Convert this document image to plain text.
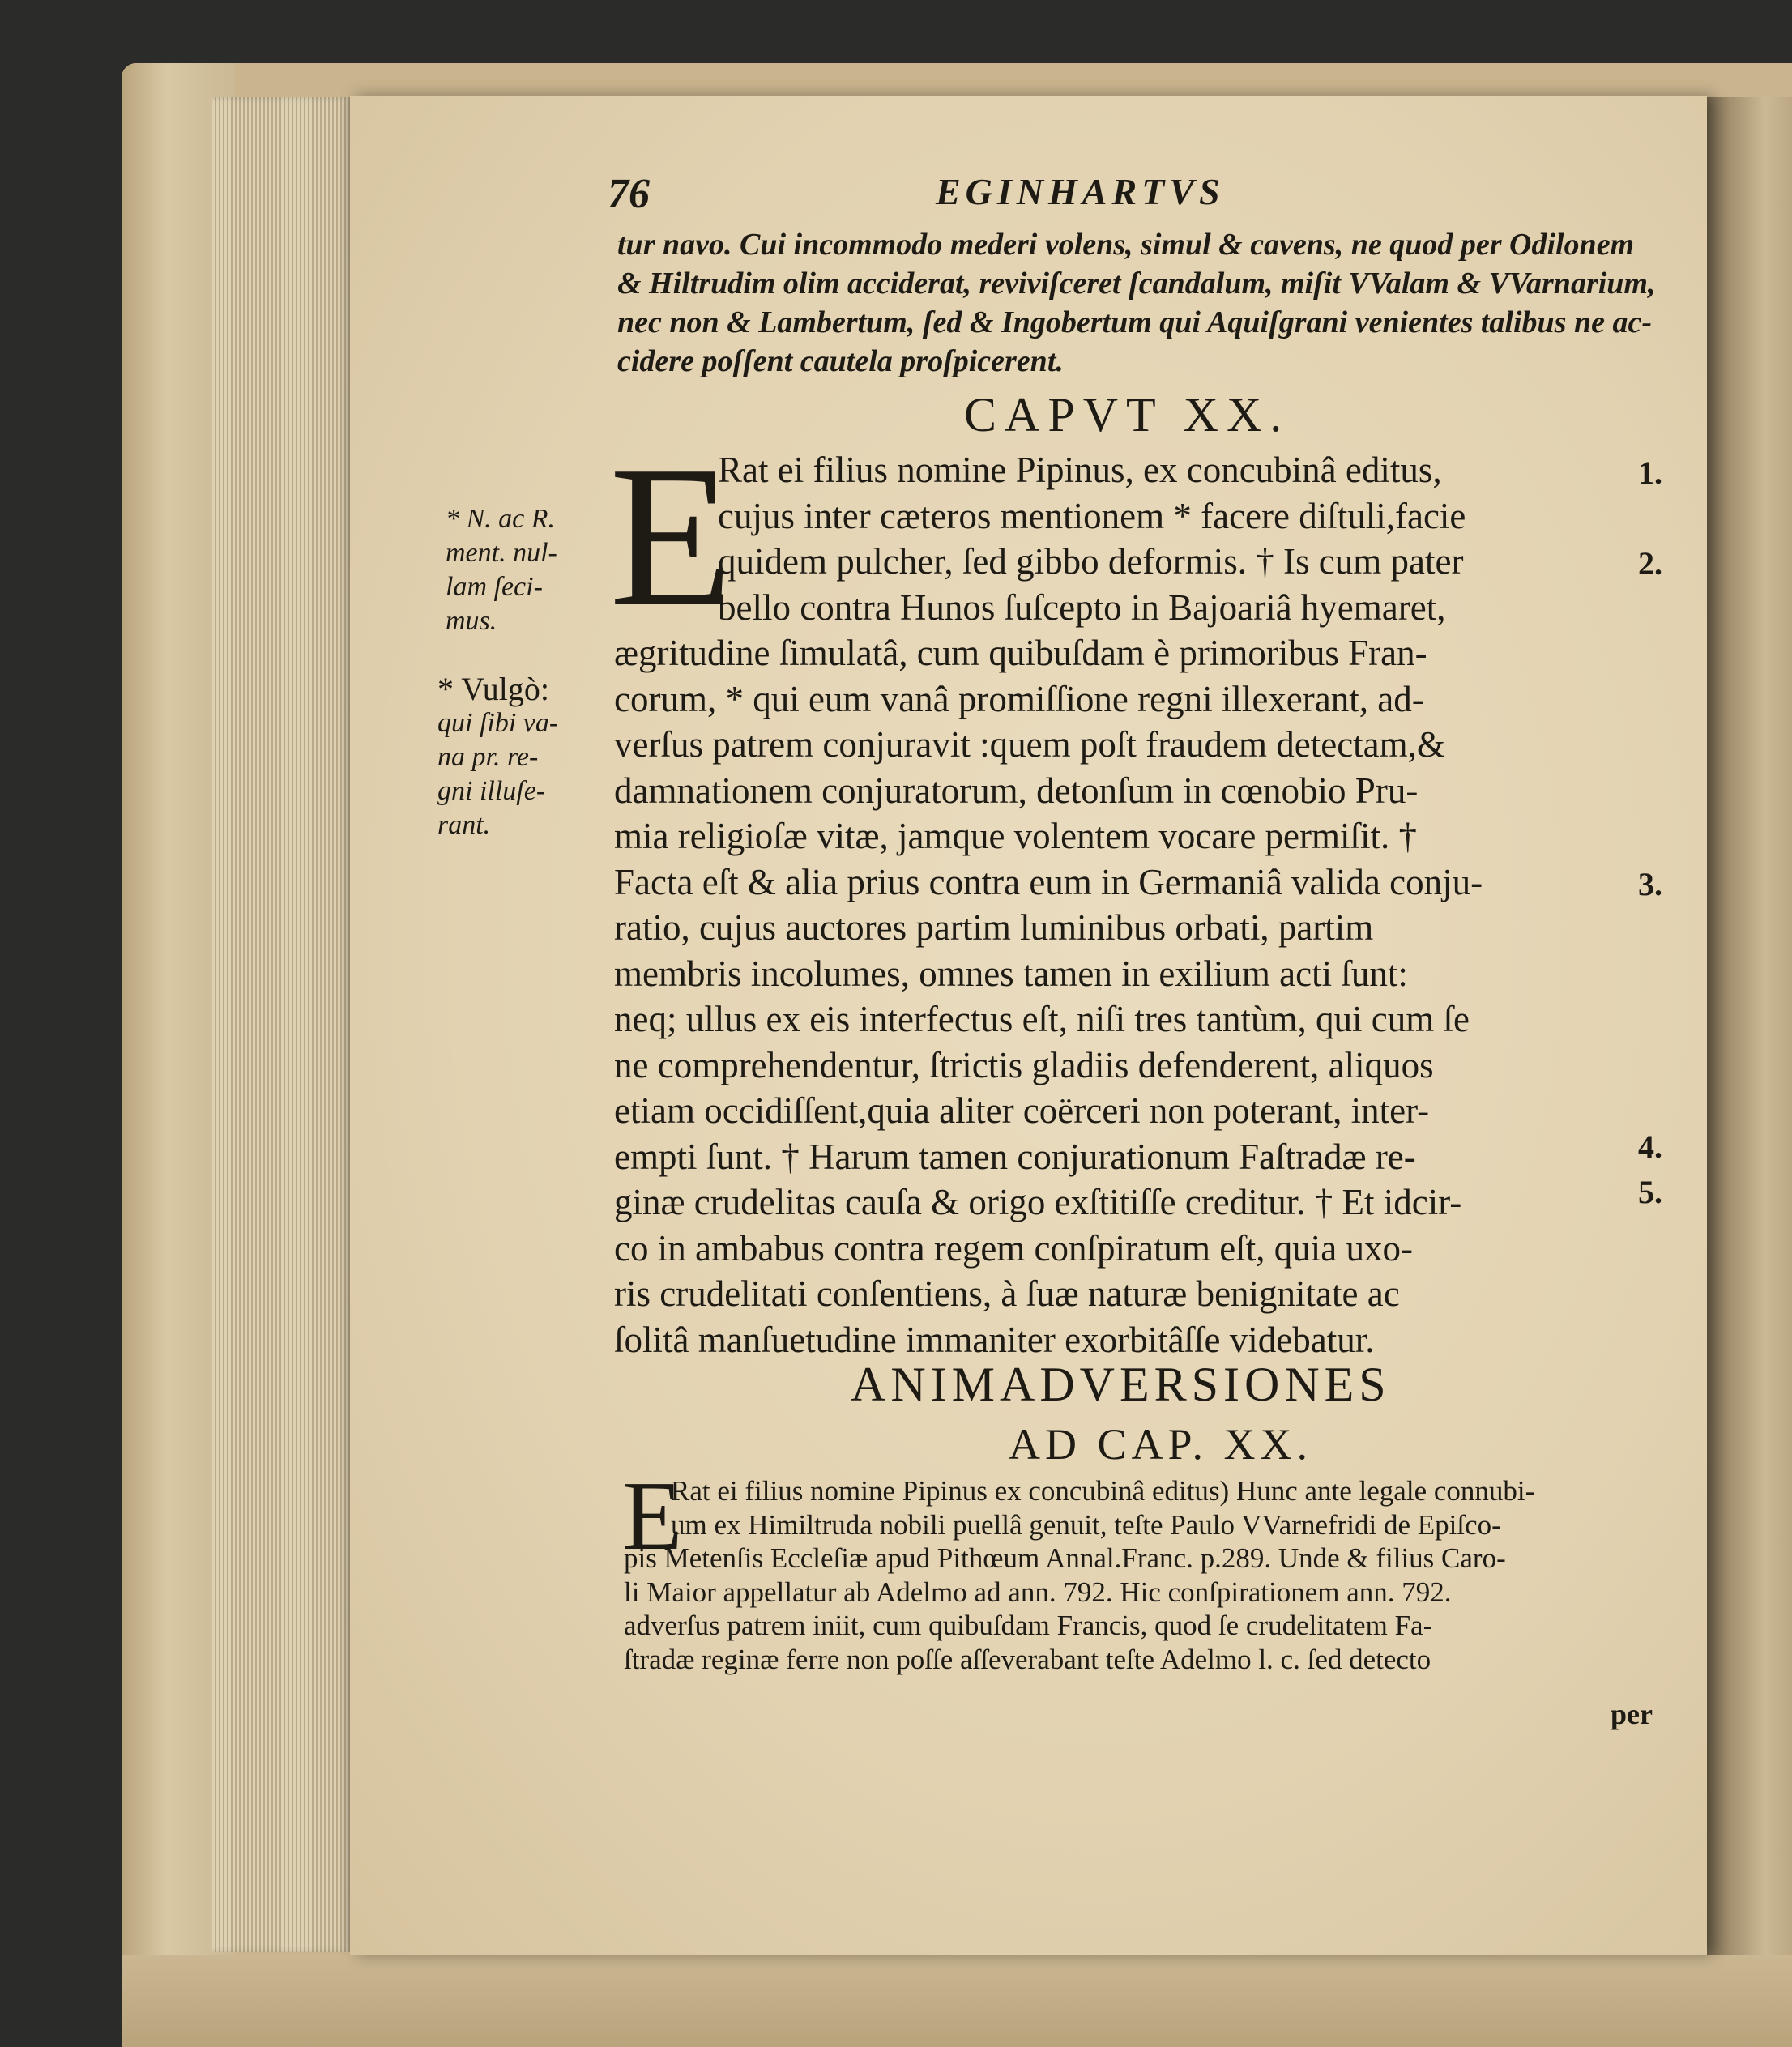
76	EGINHARTVS
tur navo. Cui incommodo mederi volens, simul & cavens, ne quod per Odilonem
& Hiltrudim olim acciderat, reviviſceret ſcandalum, miſit VValam & VVarnarium,
nec non & Lambertum, ſed & Ingobertum qui Aquiſgrani venientes talibus ne ac-
cidere poſſent cautela proſpicerent.
CAPVT XX.
E
Rat ei filius nomine Pipinus, ex concubinâ editus,
cujus inter cæteros mentionem * facere diſtuli,facie
quidem pulcher, ſed gibbo deformis. † Is cum pater
bello contra Hunos ſuſcepto in Bajoariâ hyemaret,
ægritudine ſimulatâ, cum quibuſdam è primoribus Fran-
corum, * qui eum vanâ promiſſione regni illexerant, ad-
verſus patrem conjuravit :quem poſt fraudem detectam,&
damnationem conjuratorum, detonſum in cœnobio Pru-
mia religioſæ vitæ, jamque volentem vocare permiſit. †
Facta eſt & alia prius contra eum in Germaniâ valida conju-
ratio, cujus auctores partim luminibus orbati, partim
membris incolumes, omnes tamen in exilium acti ſunt:
neq; ullus ex eis interfectus eſt, niſi tres tantùm, qui cum ſe
ne comprehendentur, ſtrictis gladiis defenderent, aliquos
etiam occidiſſent,quia aliter coërceri non poterant, inter-
empti ſunt. † Harum tamen conjurationum Faſtradæ re-
ginæ crudelitas cauſa & origo exſtitiſſe creditur. † Et idcir-
co in ambabus contra regem conſpiratum eſt, quia uxo-
ris crudelitati conſentiens, à ſuæ naturæ benignitate ac
ſolitâ manſuetudine immaniter exorbitâſſe videbatur.
* N. ac R.
ment. nul-
lam ſeci-
mus.
* Vulgò:
qui ſibi va-
na pr. re-
gni illuſe-
rant.
1.
2.
3.
4.
5.
ANIMADVERSIONES
AD CAP. XX.
E
Rat ei filius nomine Pipinus ex concubinâ editus) Hunc ante legale connubi-
um ex Himiltruda nobili puellâ genuit, teſte Paulo VVarnefridi de Epiſco-
pis Metenſis Eccleſiæ apud Pithœum Annal.Franc. p.289. Unde & filius Caro-
li Maior appellatur ab Adelmo ad ann. 792. Hic conſpirationem ann. 792.
adverſus patrem iniit, cum quibuſdam Francis, quod ſe crudelitatem Fa-
ſtradæ reginæ ferre non poſſe aſſeverabant teſte Adelmo l. c. ſed detecto
per
